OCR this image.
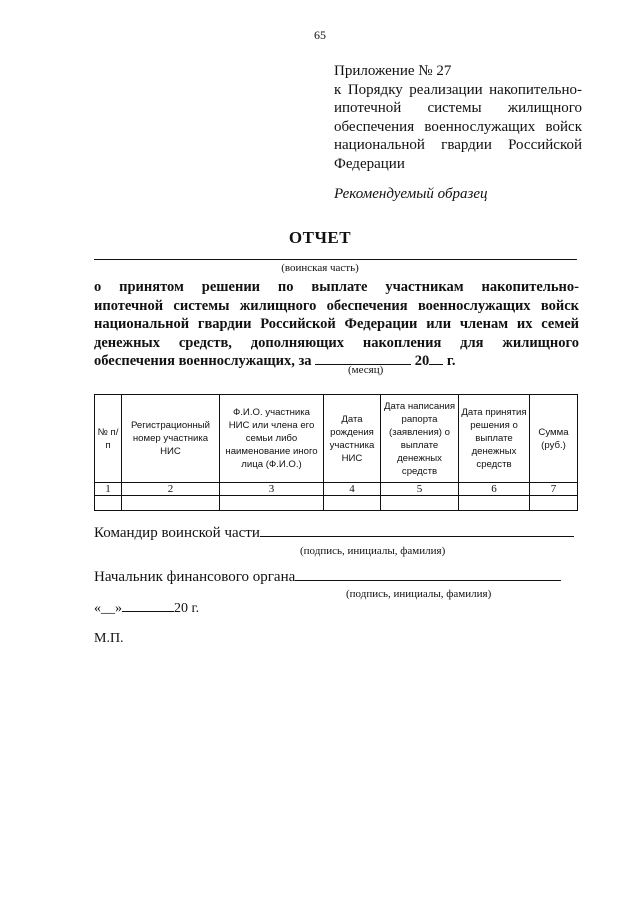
65
Приложение № 27
к Порядку реализации накопительно-
ипотечной системы жилищного
обеспечения военнослужащих войск
национальной гвардии Российской
Федерации
Рекомендуемый образец
ОТЧЕТ
(воинская часть)
о принятом решении по выплате участникам накопительно-
ипотечной системы жилищного обеспечения военнослужащих войск
национальной гвардии Российской Федерации или членам их семей
денежных средств, дополняющих накопления для жилищного
обеспечения военнослужащих, за	20 г.
(месяц)
№ п/п	Регистрационный номер участника НИС	Ф.И.О. участника НИС или члена его семьи либо наименование иного лица (Ф.И.О.)	Дата рождения участника НИС	Дата написания рапорта (заявления) о выплате денежных средств	Дата принятия решения о выплате денежных средств	Сумма (руб.)
1	2	3	4	5	6	7

Командир воинской части
(подпись, инициалы, фамилия)
Начальник финансового органа
(подпись, инициалы, фамилия)
«__»	20 г.
М.П.
